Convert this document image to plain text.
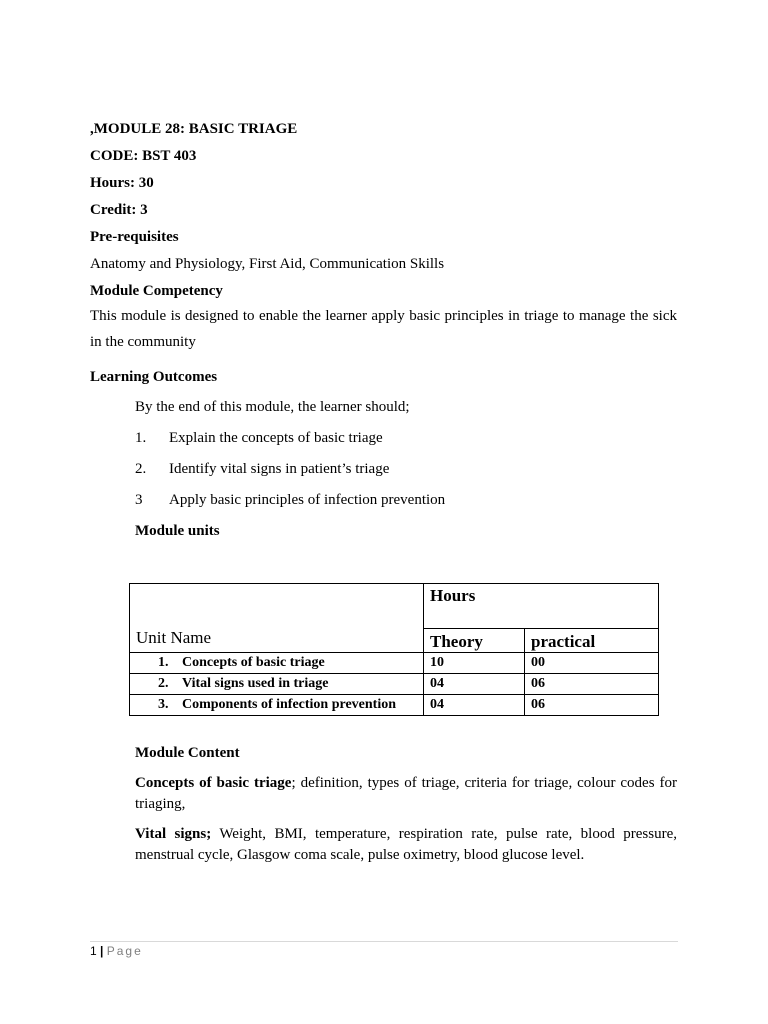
,MODULE 28: BASIC TRIAGE
CODE: BST 403
Hours: 30
Credit: 3
Pre-requisites
Anatomy and Physiology, First Aid, Communication Skills
Module Competency
This module is designed to enable the learner apply basic principles in triage to manage the sick in the community
Learning Outcomes
By the end of this module, the learner should;
1. Explain the concepts of basic triage
2. Identify vital signs in patient’s triage
3 Apply basic principles of infection prevention
Module units
Unit Name	Hours	
	Theory	practical
1. Concepts of basic triage	10	00
2. Vital signs used in triage	04	06
3. Components of infection prevention	04	06
Module Content
Concepts of basic triage; definition, types of triage, criteria for triage, colour codes for triaging,
Vital signs; Weight, BMI, temperature, respiration rate, pulse rate, blood pressure, menstrual cycle, Glasgow coma scale, pulse oximetry, blood glucose level.
1 | Page
